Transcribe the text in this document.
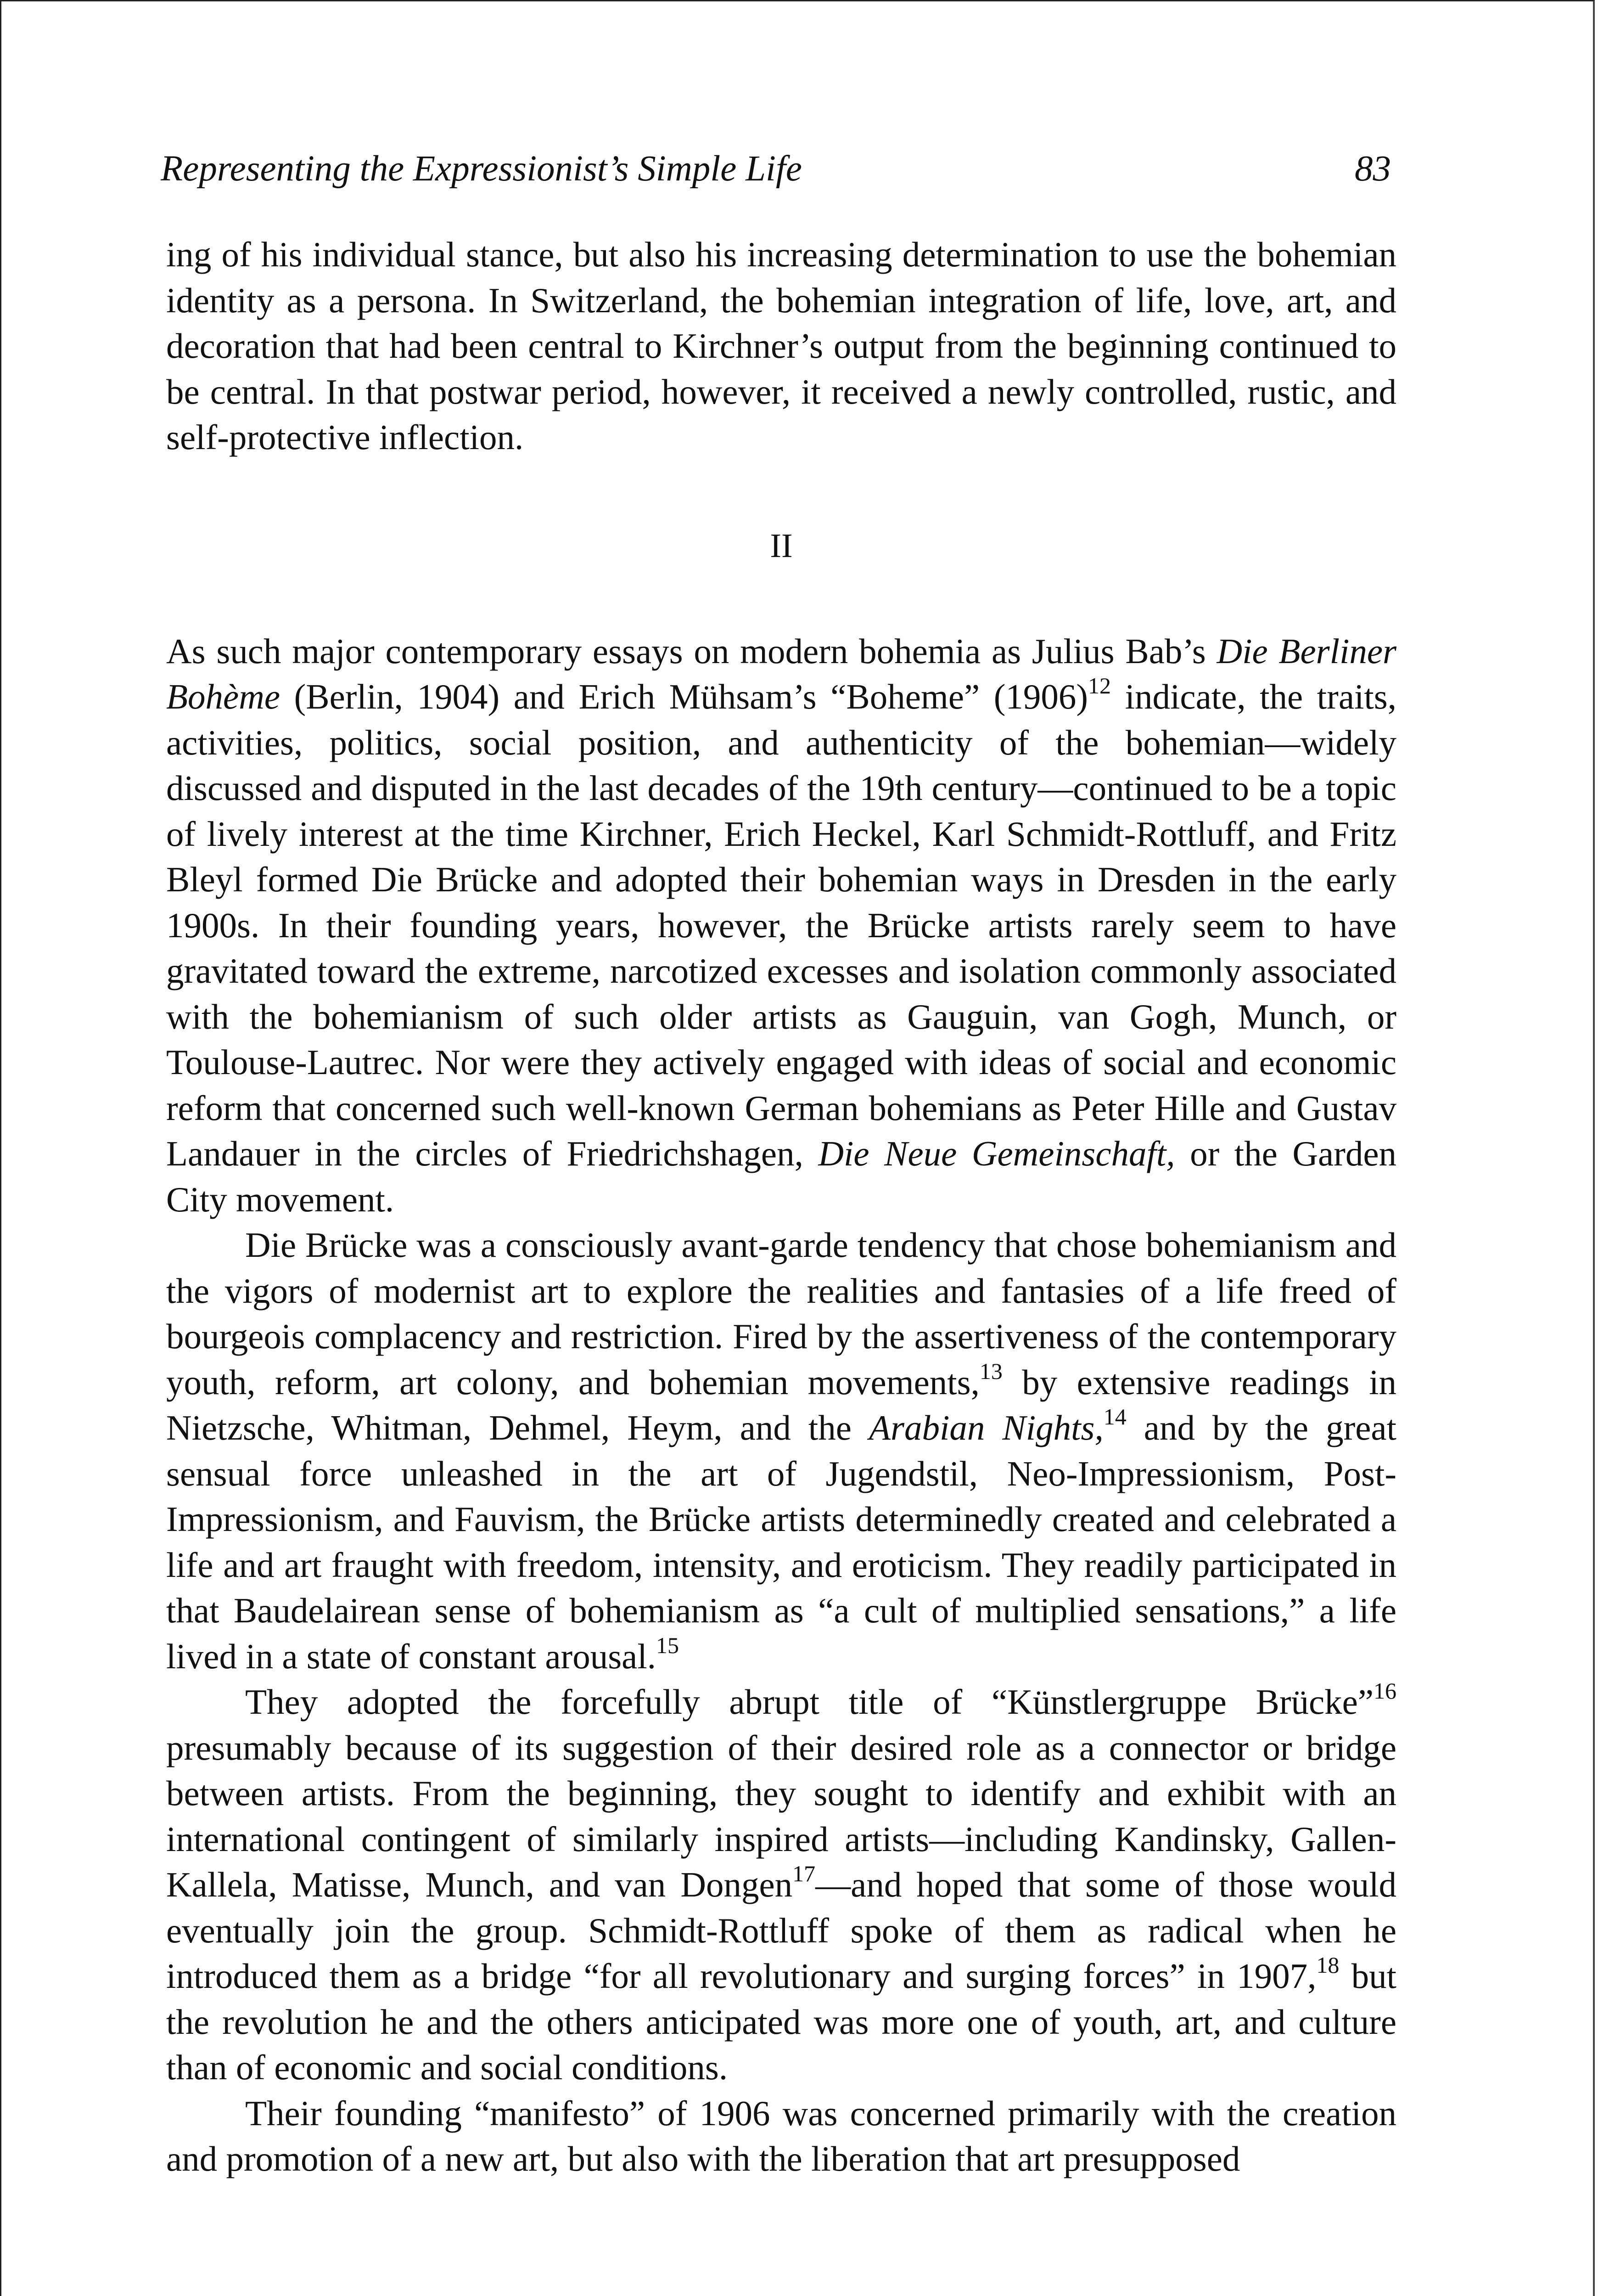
Representing the Expressionist’s Simple Life	83

ing of his individual stance, but also his increasing determination to use the bohemian identity as a persona. In Switzerland, the bohemian integration of life, love, art, and decoration that had been central to Kirchner’s output from the beginning continued to be central. In that postwar period, however, it received a newly controlled, rustic, and self-protective inflection.

II

As such major contemporary essays on modern bohemia as Julius Bab’s Die Berliner Bohème (Berlin, 1904) and Erich Mühsam’s “Boheme” $(1906)^{12}$ indicate, the traits, activities, politics, social position, and authenticity of the bohemian—widely discussed and disputed in the last decades of the 19th century—continued to be a topic of lively interest at the time Kirchner, Erich Heckel, Karl Schmidt-Rottluff, and Fritz Bleyl formed Die Brücke and adopted their bohemian ways in Dresden in the early 1900s. In their founding years, however, the Brücke artists rarely seem to have gravitated toward the extreme, narcotized excesses and isolation commonly associated with the bohemianism of such older artists as Gauguin, van Gogh, Munch, or Toulouse-Lautrec. Nor were they actively engaged with ideas of social and economic reform that concerned such well-known German bohemians as Peter Hille and Gustav Landauer in the circles of Friedrichshagen, Die Neue Gemeinschaft, or the Garden City movement.

Die Brücke was a consciously avant-garde tendency that chose bohemianism and the vigors of modernist art to explore the realities and fantasies of a life freed of bourgeois complacency and restriction. Fired by the assertiveness of the contemporary youth, reform, art colony, and bohemian movements,$^{13}$ by extensive readings in Nietzsche, Whitman, Dehmel, Heym, and the Arabian Nights,$^{14}$ and by the great sensual force unleashed in the art of Jugendstil, Neo-Impressionism, Post-Impressionism, and Fauvism, the Brücke artists determinedly created and celebrated a life and art fraught with freedom, intensity, and eroticism. They readily participated in that Baudelairean sense of bohemianism as “a cult of multiplied sensations,” a life lived in a state of constant arousal.$^{15}$

They adopted the forcefully abrupt title of “Künstlergruppe Brücke”$^{16}$ presumably because of its suggestion of their desired role as a connector or bridge between artists. From the beginning, they sought to identify and exhibit with an international contingent of similarly inspired artists—including Kandinsky, Gallen-Kallela, Matisse, Munch, and van Dongen$^{17}$—and hoped that some of those would eventually join the group. Schmidt-Rottluff spoke of them as radical when he introduced them as a bridge “for all revolutionary and surging forces” in 1907,18 but the revolution he and the others anticipated was more one of youth, art, and culture than of economic and social conditions.

Their founding “manifesto” of 1906 was concerned primarily with the creation and promotion of a new art, but also with the liberation that art presupposed
